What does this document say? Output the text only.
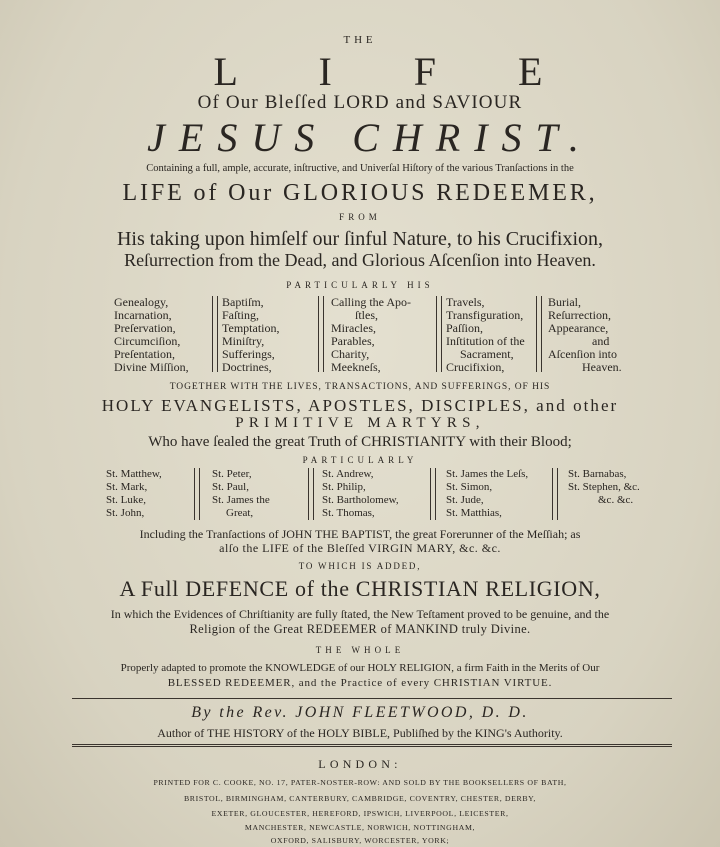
THE
L I F E
Of Our Bleſſed LORD and SAVIOUR
JESUS CHRIST.
Containing a full, ample, accurate, inſtructive, and Univerſal Hiſtory of the various Tranſactions in the
LIFE of Our GLORIOUS REDEEMER,
FROM
His taking upon himſelf our ſinful Nature, to his Crucifixion,
Reſurrection from the Dead, and Glorious Aſcenſion into Heaven.
PARTICULARLY HIS
Genealogy,
Incarnation,
Preſervation,
Circumciſion,
Preſentation,
Divine Miſſion,
Baptiſm,
Faſting,
Temptation,
Miniſtry,
Sufferings,
Doctrines,
Calling the Apo-
ſtles,
Miracles,
Parables,
Charity,
Meekneſs,
Travels,
Transfiguration,
Paſſion,
Inſtitution of the
Sacrament,
Crucifixion,
Burial,
Reſurrection,
Appearance,
and
Aſcenſion into
Heaven.
TOGETHER WITH THE LIVES, TRANSACTIONS, AND SUFFERINGS, OF HIS
HOLY EVANGELISTS, APOSTLES, DISCIPLES, and other
PRIMITIVE MARTYRS,
Who have ſealed the great Truth of CHRISTIANITY with their Blood;
PARTICULARLY
St. Matthew,
St. Mark,
St. Luke,
St. John,
St. Peter,
St. Paul,
St. James the
Great,
St. Andrew,
St. Philip,
St. Bartholomew,
St. Thomas,
St. James the Leſs,
St. Simon,
St. Jude,
St. Matthias,
St. Barnabas,
St. Stephen, &c.
&c. &c.
Including the Tranſactions of JOHN THE BAPTIST, the great Forerunner of the Meſſiah; as
alſo the LIFE of the Bleſſed VIRGIN MARY, &c. &c.
TO WHICH IS ADDED,
A Full DEFENCE of the CHRISTIAN RELIGION,
In which the Evidences of Chriſtianity are fully ſtated, the New Teſtament proved to be genuine, and the
Religion of the Great REDEEMER of MANKIND truly Divine.
THE WHOLE
Properly adapted to promote the KNOWLEDGE of our HOLY RELIGION, a firm Faith in the Merits of Our
BLESSED REDEEMER, and the Practice of every CHRISTIAN VIRTUE.
By the Rev. JOHN FLEETWOOD, D. D.
Author of THE HISTORY of the HOLY BIBLE, Publiſhed by the KING's Authority.
LONDON:
PRINTED FOR C. COOKE, NO. 17, PATER-NOSTER-ROW: AND SOLD BY THE BOOKSELLERS OF BATH,
BRISTOL, BIRMINGHAM, CANTERBURY, CAMBRIDGE, COVENTRY, CHESTER, DERBY,
EXETER, GLOUCESTER, HEREFORD, IPSWICH, LIVERPOOL, LEICESTER,
MANCHESTER, NEWCASTLE, NORWICH, NOTTINGHAM,
OXFORD, SALISBURY, WORCESTER, YORK;
